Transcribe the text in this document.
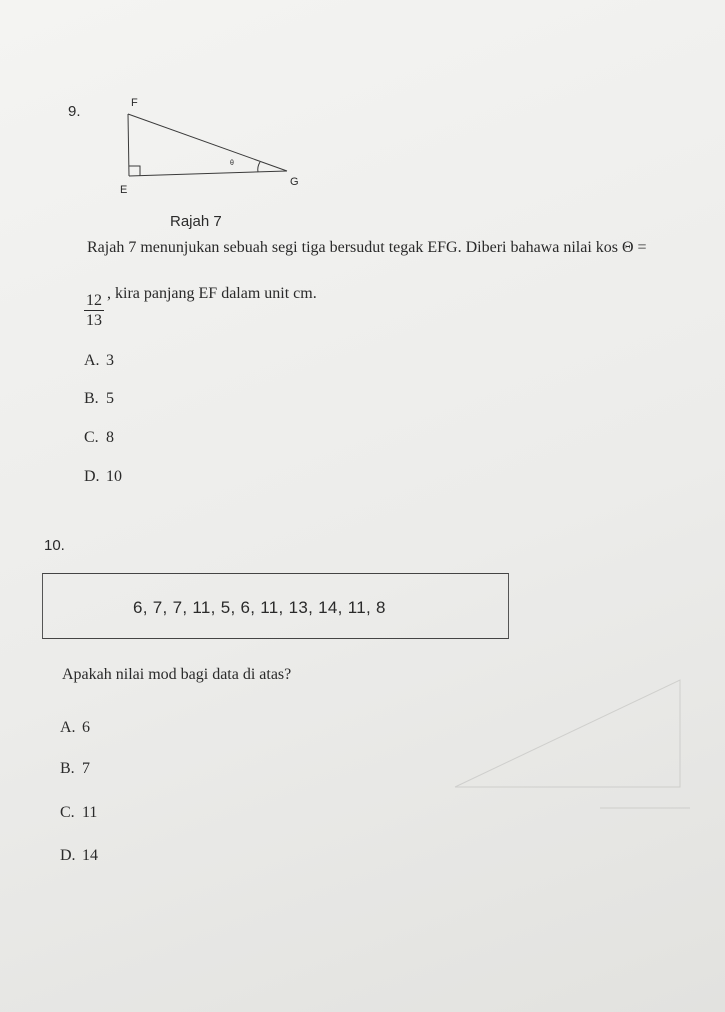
9.	F
E
G
θ
Rajah 7
Rajah 7 menunjukan sebuah segi tiga bersudut tegak EFG. Diberi bahawa nilai kos Θ =
$\frac{12}{13}$ , kira panjang EF dalam unit cm.
A. 3
B. 5
C. 8
D. 10
10.
6, 7, 7, 11, 5, 6, 11, 13, 14, 11, 8
Apakah nilai mod bagi data di atas?
A. 6
B. 7
C. 11
D. 14
